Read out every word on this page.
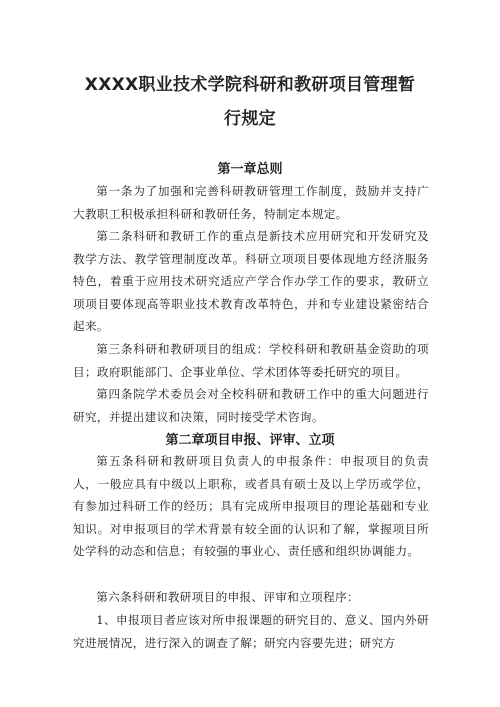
XXXX职业技术学院科研和教研项目管理暂
行规定
第一章总则

第一条为了加强和完善科研教研管理工作制度，鼓励并支持广大教职工积极承担科研和教研任务，特制定本规定。

第二条科研和教研工作的重点是新技术应用研究和开发研究及教学方法、教学管理制度改革。科研立项项目要体现地方经济服务特色，着重于应用技术研究适应产学合作办学工作的要求，教研立项项目要体现高等职业技术教育改革特色，并和专业建设紧密结合起来。

第三条科研和教研项目的组成：学校科研和教研基金资助的项目；政府职能部门、企事业单位、学术团体等委托研究的项目。

第四条院学术委员会对全校科研和教研工作中的重大问题进行研究，并提出建议和决策，同时接受学术咨询。

第二章项目申报、评审、立项

第五条科研和教研项目负责人的申报条件：申报项目的负责人，一般应具有中级以上职称，或者具有硕士及以上学历或学位，有参加过科研工作的经历；具有完成所申报项目的理论基础和专业知识。对申报项目的学术背景有较全面的认识和了解，掌握项目所处学科的动态和信息；有较强的事业心、责任感和组织协调能力。

第六条科研和教研项目的申报、评审和立项程序：

1、申报项目者应该对所申报课题的研究目的、意义、国内外研究进展情况，进行深入的调查了解；研究内容要先进；研究方
